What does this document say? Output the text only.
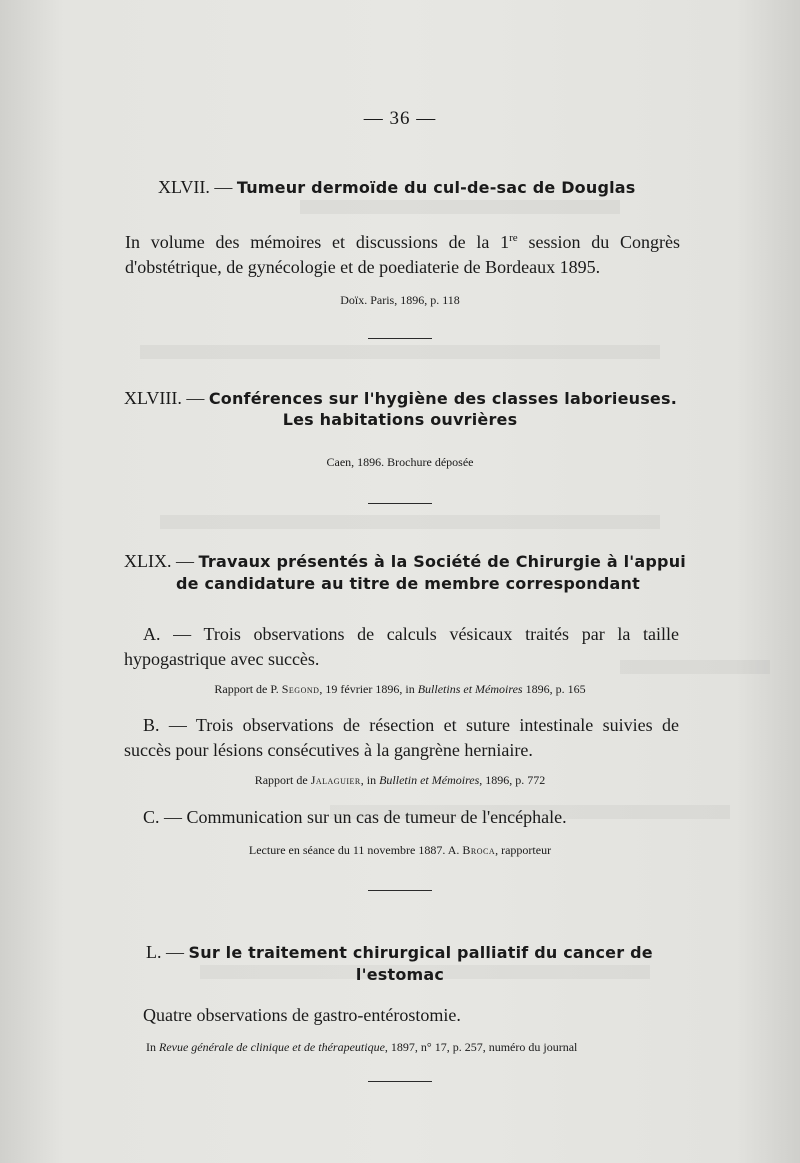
— 36 —
XLVII. — Tumeur dermoïde du cul-de-sac de Douglas
In volume des mémoires et discussions de la 1re session du Congrès d'obstétrique, de gynécologie et de poediaterie de Bordeaux 1895.
Doïx. Paris, 1896, p. 118
XLVIII. — Conférences sur l'hygiène des classes laborieuses.
Les habitations ouvrières
Caen, 1896. Brochure déposée
XLIX. — Travaux présentés à la Société de Chirurgie à l'appui
de candidature au titre de membre correspondant
A. — Trois observations de calculs vésicaux traités par la taille hypogastrique avec succès.
Rapport de P. Segond, 19 février 1896, in Bulletins et Mémoires 1896, p. 165
B. — Trois observations de résection et suture intestinale suivies de succès pour lésions consécutives à la gangrène herniaire.
Rapport de Jalaguier, in Bulletin et Mémoires, 1896, p. 772
C. — Communication sur un cas de tumeur de l'encéphale.
Lecture en séance du 11 novembre 1887. A. Broca, rapporteur
L. — Sur le traitement chirurgical palliatif du cancer de
l'estomac
Quatre observations de gastro-entérostomie.
In Revue générale de clinique et de thérapeutique, 1897, n° 17, p. 257, numéro du journal
